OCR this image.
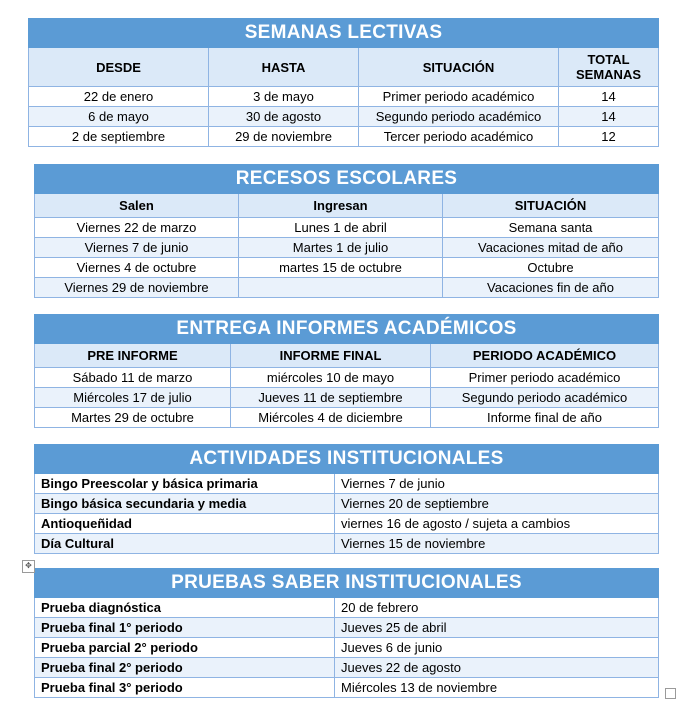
SEMANAS LECTIVAS			
DESDE	HASTA	SITUACIÓN	TOTAL SEMANAS
22 de enero	3 de mayo	Primer periodo académico	14
6 de mayo	30 de agosto	Segundo periodo académico	14
2 de septiembre	29 de noviembre	Tercer periodo académico	12
RECESOS ESCOLARES		
Salen	Ingresan	SITUACIÓN
Viernes 22 de marzo	Lunes 1 de abril	Semana santa
Viernes 7 de junio	Martes 1 de julio	Vacaciones mitad de año
Viernes 4 de octubre	martes 15 de octubre	Octubre
Viernes 29 de noviembre		Vacaciones fin de año
ENTREGA INFORMES ACADÉMICOS		
PRE INFORME	INFORME FINAL	PERIODO ACADÉMICO
Sábado 11 de marzo	miércoles 10 de mayo	Primer periodo académico
Miércoles 17 de julio	Jueves 11 de septiembre	Segundo periodo académico
Martes 29 de octubre	Miércoles 4 de diciembre	Informe final de año
ACTIVIDADES INSTITUCIONALES	
Bingo Preescolar y básica primaria	Viernes 7 de junio
Bingo básica secundaria y media	Viernes 20 de septiembre
Antioqueñidad	viernes 16 de agosto / sujeta a cambios
Día Cultural	Viernes 15 de noviembre
PRUEBAS SABER INSTITUCIONALES	
Prueba diagnóstica	20 de febrero
Prueba final 1° periodo	Jueves 25 de abril
Prueba parcial 2° periodo	Jueves 6 de junio
Prueba final 2° periodo	Jueves 22 de agosto
Prueba final 3° periodo	Miércoles 13 de noviembre
✥
